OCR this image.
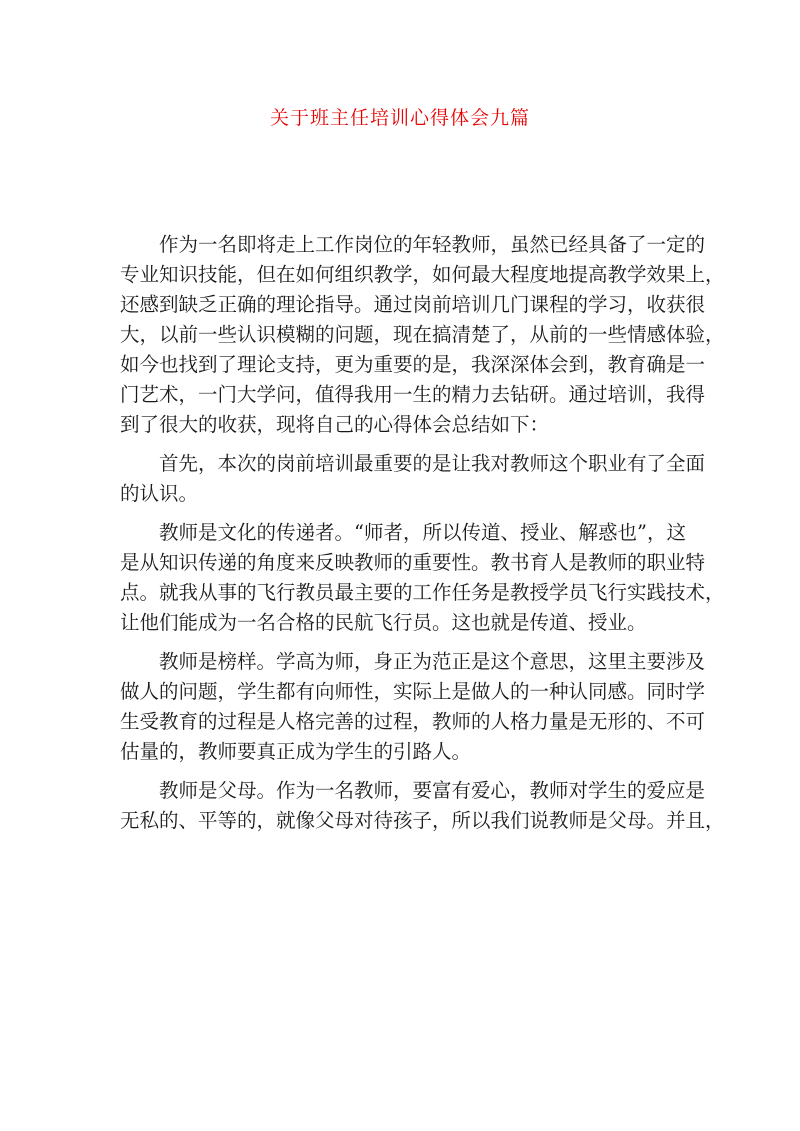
关于班主任培训心得体会九篇

作为一名即将走上工作岗位的年轻教师，虽然已经具备了一定的
专业知识技能，但在如何组织教学，如何最大程度地提高教学效果上，
还感到缺乏正确的理论指导。通过岗前培训几门课程的学习，收获很
大，以前一些认识模糊的问题，现在搞清楚了，从前的一些情感体验，
如今也找到了理论支持，更为重要的是，我深深体会到，教育确是一
门艺术，一门大学问，值得我用一生的精力去钻研。通过培训，我得
到了很大的收获，现将自己的心得体会总结如下：

首先，本次的岗前培训最重要的是让我对教师这个职业有了全面
的认识。

教师是文化的传递者。“师者，所以传道、授业、解惑也”，这
是从知识传递的角度来反映教师的重要性。教书育人是教师的职业特
点。就我从事的飞行教员最主要的工作任务是教授学员飞行实践技术，
让他们能成为一名合格的民航飞行员。这也就是传道、授业。

教师是榜样。学高为师，身正为范正是这个意思，这里主要涉及
做人的问题，学生都有向师性，实际上是做人的一种认同感。同时学
生受教育的过程是人格完善的过程，教师的人格力量是无形的、不可
估量的，教师要真正成为学生的引路人。

教师是父母。作为一名教师，要富有爱心，教师对学生的爱应是
无私的、平等的，就像父母对待孩子，所以我们说教师是父母。并且，
